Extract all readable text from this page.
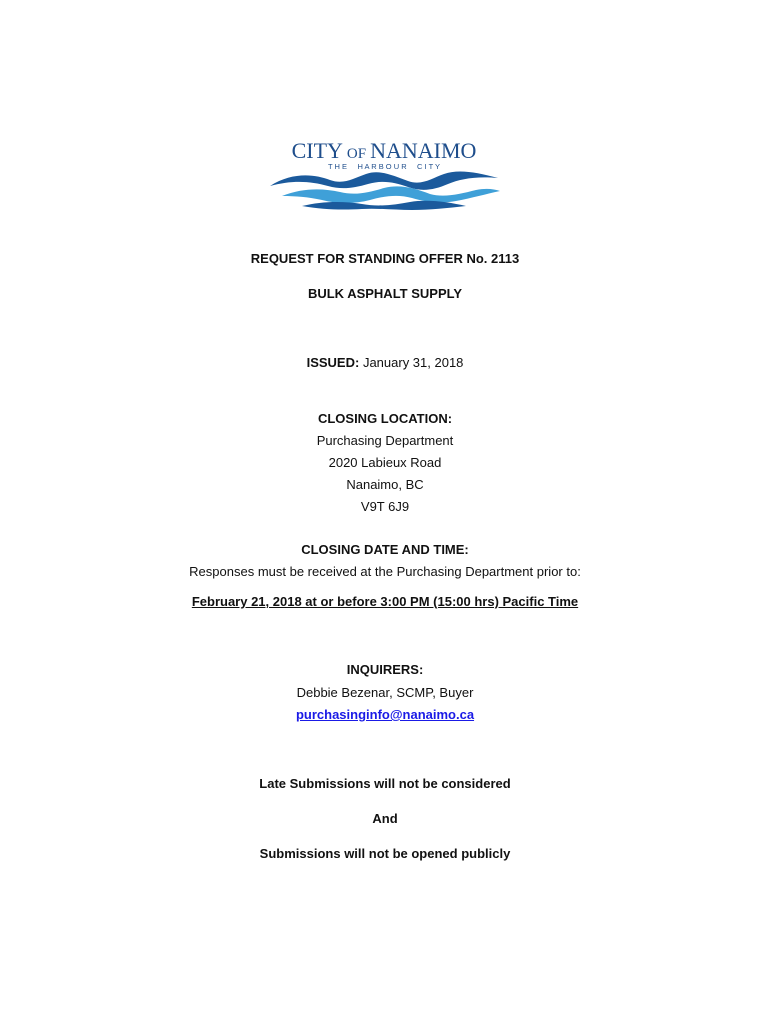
CITY OF NANAIMO
T H E     H A R B O U R     C I T Y
REQUEST FOR STANDING OFFER No. 2113
BULK ASPHALT SUPPLY
ISSUED: January 31, 2018
CLOSING LOCATION:
Purchasing Department
2020 Labieux Road
Nanaimo, BC
V9T 6J9
CLOSING DATE AND TIME:
Responses must be received at the Purchasing Department prior to:
February 21, 2018 at or before 3:00 PM (15:00 hrs) Pacific Time
INQUIRERS:
Debbie Bezenar, SCMP, Buyer
purchasinginfo@nanaimo.ca
Late Submissions will not be considered
And
Submissions will not be opened publicly
